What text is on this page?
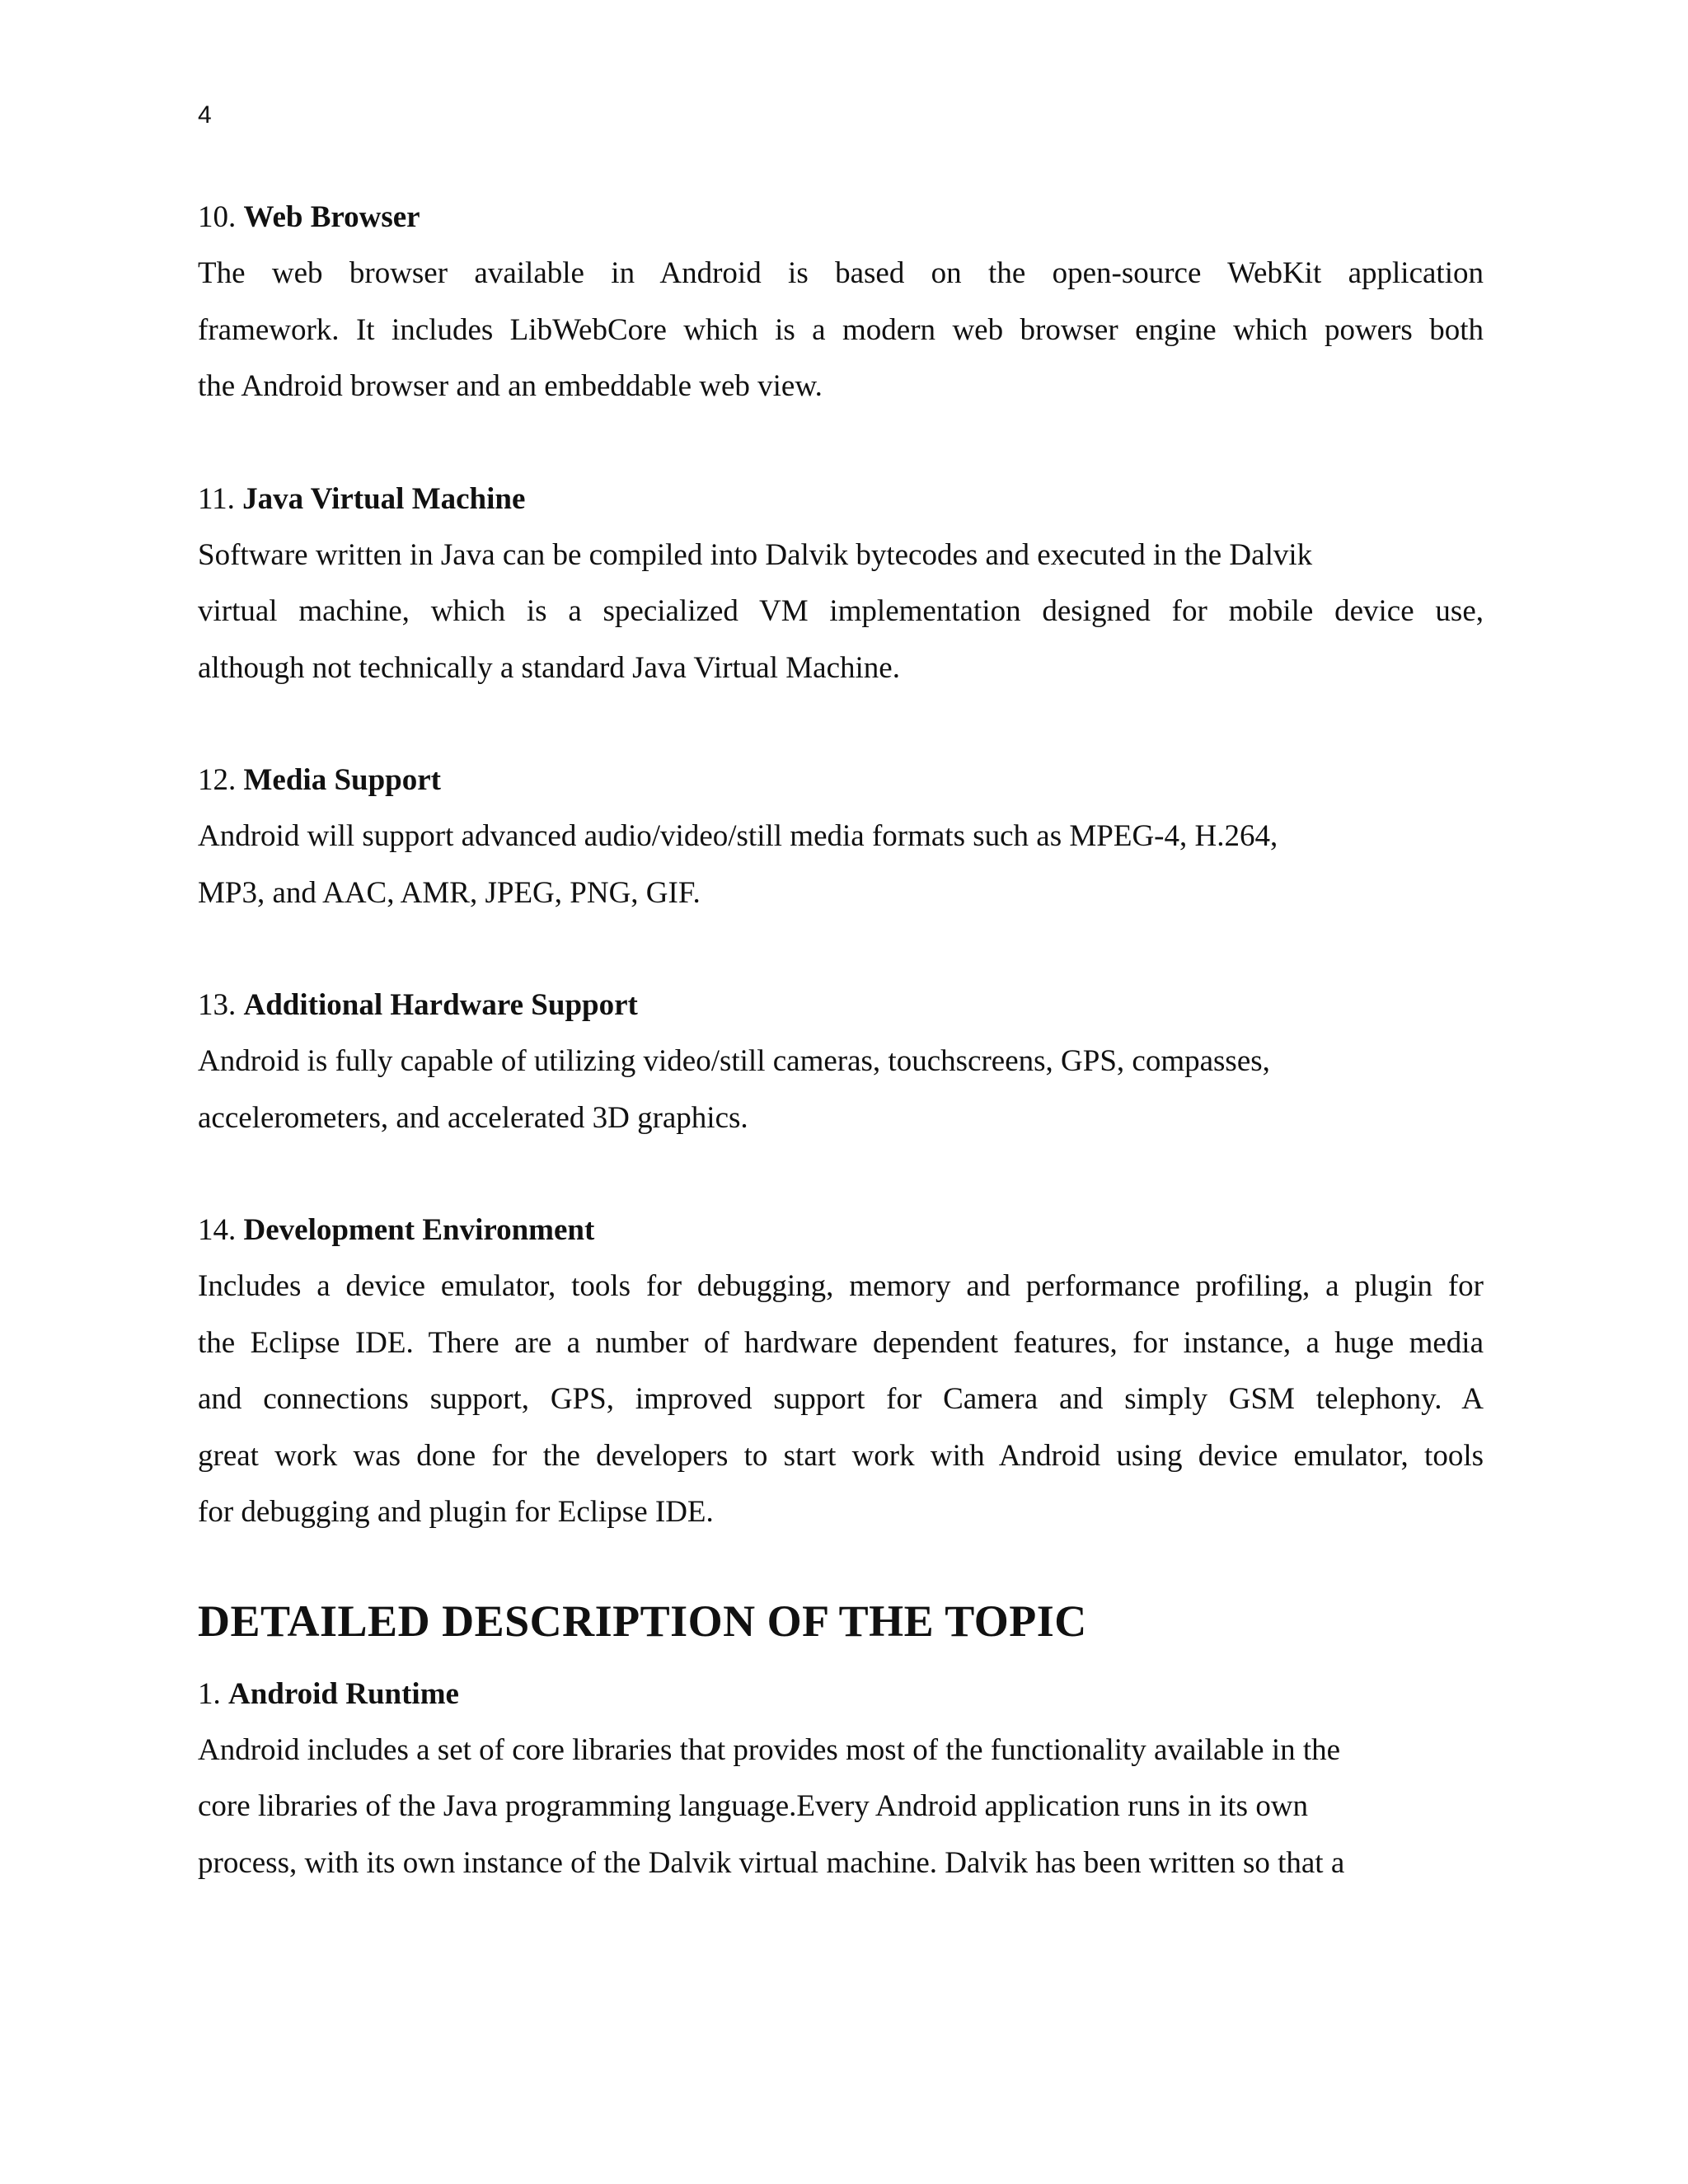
4

10. Web Browser

The web browser available in Android is based on the open-source WebKit application
framework. It includes LibWebCore which is a modern web browser engine which powers both
the Android browser and an embeddable web view.

11. Java Virtual Machine

Software written in Java can be compiled into Dalvik bytecodes and executed in the Dalvik
virtual machine, which is a specialized VM implementation designed for mobile device use,
although not technically a standard Java Virtual Machine.

12. Media Support

Android will support advanced audio/video/still media formats such as MPEG-4, H.264,
MP3, and AAC, AMR, JPEG, PNG, GIF.

13. Additional Hardware Support

Android is fully capable of utilizing video/still cameras, touchscreens, GPS, compasses,
accelerometers, and accelerated 3D graphics.

14. Development Environment

Includes a device emulator, tools for debugging, memory and performance profiling, a plugin for
the Eclipse IDE. There are a number of hardware dependent features, for instance, a huge media
and connections support, GPS, improved support for Camera and simply GSM telephony. A
great work was done for the developers to start work with Android using device emulator, tools
for debugging and plugin for Eclipse IDE.

DETAILED DESCRIPTION OF THE TOPIC

1. Android Runtime

Android includes a set of core libraries that provides most of the functionality available in the
core libraries of the Java programming language.Every Android application runs in its own
process, with its own instance of the Dalvik virtual machine. Dalvik has been written so that a
